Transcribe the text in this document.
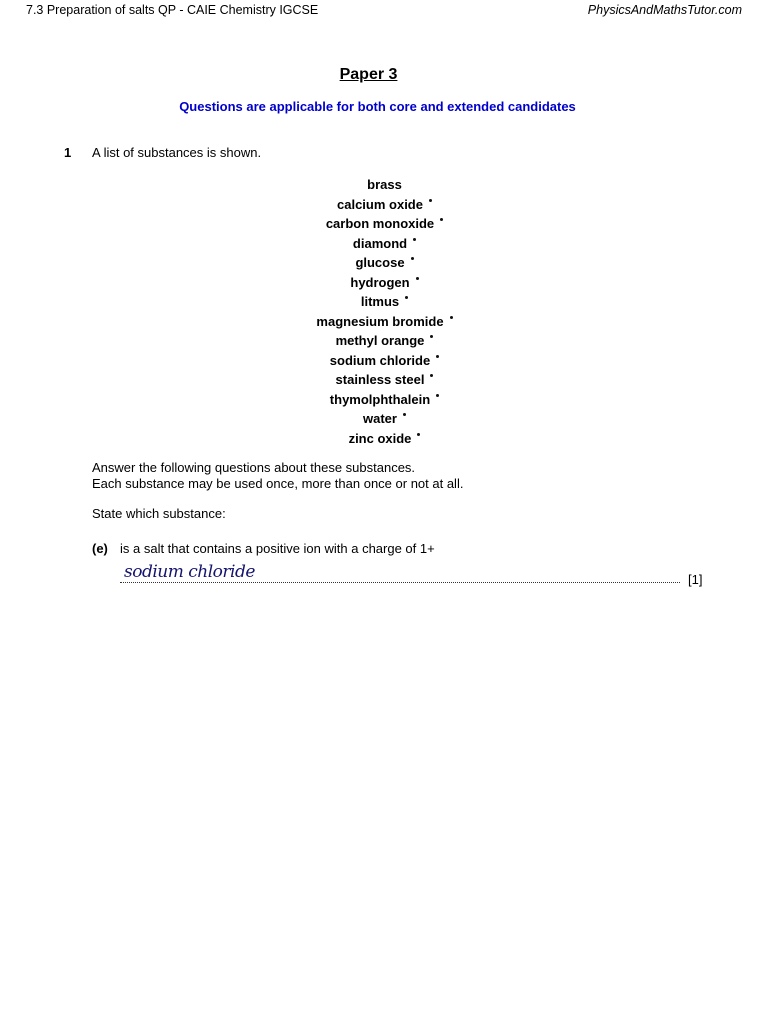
7.3 Preparation of salts QP - CAIE Chemistry IGCSE	PhysicsAndMathsTutor.com
Paper 3
Questions are applicable for both core and extended candidates
1 A list of substances is shown.
brass
calcium oxide
carbon monoxide
diamond
glucose
hydrogen
litmus
magnesium bromide
methyl orange
sodium chloride
stainless steel
thymolphthalein
water
zinc oxide
Answer the following questions about these substances.
Each substance may be used once, more than once or not at all.
State which substance:
(e) is a salt that contains a positive ion with a charge of 1+
sodium chloride	[1]
